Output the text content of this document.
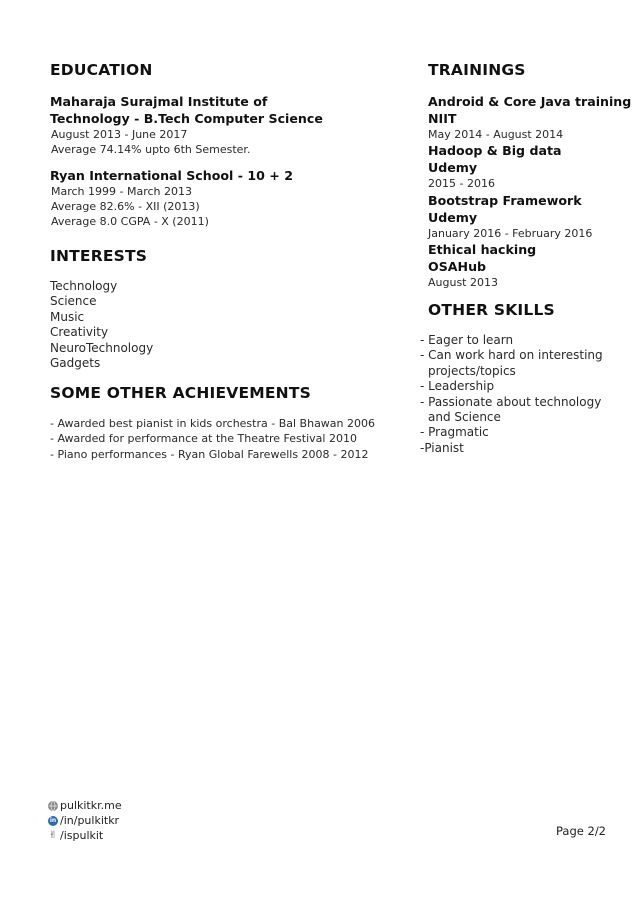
EDUCATION

Maharaja Surajmal Institute of

Technology - B.Tech Computer Science

August 2013 - June 2017

Average 74.14% upto 6th Semester.

Ryan International School - 10 + 2

March 1999 - March 2013

Average 82.6% - XII (2013)

Average 8.0 CGPA - X (2011)

INTERESTS

Technology

Science

Music

Creativity

NeuroTechnology

Gadgets

SOME OTHER ACHIEVEMENTS

- Awarded best pianist in kids orchestra - Bal Bhawan 2006

- Awarded for performance at the Theatre Festival 2010

- Piano performances - Ryan Global Farewells 2008 - 2012

TRAININGS

Android & Core Java training

NIIT

May 2014 - August 2014

Hadoop & Big data

Udemy

2015 - 2016

Bootstrap Framework

Udemy

January 2016 - February 2016

Ethical hacking

OSAHub

August 2013

OTHER SKILLS

- Eager to learn

- Can work hard on interesting

projects/topics

- Leadership

- Passionate about technology

and Science

- Pragmatic

-Pianist

pulkitkr.me
in /in/pulkitkr
✌ /ispulkit	Page 2/2
